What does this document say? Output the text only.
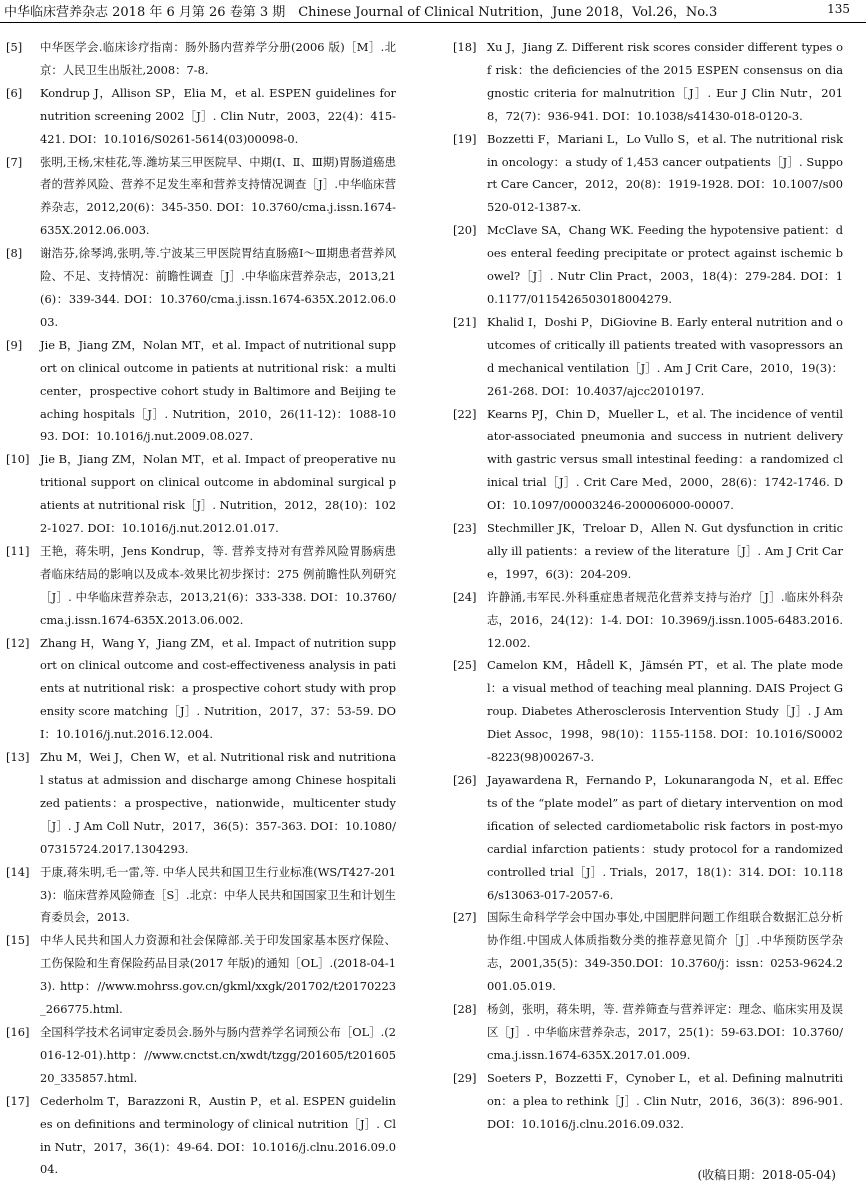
中华临床营养杂志 2018 年 6 月第 26 卷第 3 期　Chinese Journal of Clinical Nutrition，June 2018，Vol.26，No.3	135
[5]	中华医学会.临床诊疗指南：肠外肠内营养学分册(2006 版)［M］.北京：人民卫生出版社,2008：7-8.
[6]	Kondrup J，Allison SP，Elia M，et al. ESPEN guidelines for nutrition screening 2002［J］. Clin Nutr，2003，22(4)：415-421. DOI：10.1016/S0261-5614(03)00098-0.
[7]	张明,王杨,宋桂花,等.潍坊某三甲医院早、中期(Ⅰ、Ⅱ、Ⅲ期)胃肠道癌患者的营养风险、营养不足发生率和营养支持情况调查［J］.中华临床营养杂志，2012,20(6)：345-350. DOI：10.3760/cma.j.issn.1674-635X.2012.06.003.
[8]	谢浩芬,徐琴鸿,张明,等.宁波某三甲医院胃结直肠癌Ⅰ～Ⅲ期患者营养风险、不足、支持情况：前瞻性调查［J］.中华临床营养杂志，2013,21(6)：339-344. DOI：10.3760/cma.j.issn.1674-635X.2012.06.003.
[9]	Jie B，Jiang ZM，Nolan MT，et al. Impact of nutritional support on clinical outcome in patients at nutritional risk：a multicenter，prospective cohort study in Baltimore and Beijing teaching hospitals［J］. Nutrition，2010，26(11-12)：1088-1093. DOI：10.1016/j.nut.2009.08.027.
[10] Jie B，Jiang ZM，Nolan MT，et al. Impact of preoperative nutritional support on clinical outcome in abdominal surgical patients at nutritional risk［J］. Nutrition，2012，28(10)：1022-1027. DOI：10.1016/j.nut.2012.01.017.
[11] 王艳，蒋朱明，Jens Kondrup，等. 营养支持对有营养风险胃肠病患者临床结局的影响以及成本-效果比初步探讨：275 例前瞻性队列研究［J］. 中华临床营养杂志，2013,21(6)：333-338. DOI：10.3760/cma.j.issn.1674-635X.2013.06.002.
[12] Zhang H，Wang Y，Jiang ZM，et al. Impact of nutrition support on clinical outcome and cost-effectiveness analysis in patients at nutritional risk：a prospective cohort study with propensity score matching［J］. Nutrition，2017，37：53-59. DOI：10.1016/j.nut.2016.12.004.
[13] Zhu M，Wei J，Chen W，et al. Nutritional risk and nutritional status at admission and discharge among Chinese hospitalized patients：a prospective，nationwide，multicenter study［J］. J Am Coll Nutr，2017，36(5)：357-363. DOI：10.1080/07315724.2017.1304293.
[14] 于康,蒋朱明,毛一雷,等. 中华人民共和国卫生行业标准(WS/T427-2013)：临床营养风险筛查［S］.北京：中华人民共和国国家卫生和计划生育委员会，2013.
[15] 中华人民共和国人力资源和社会保障部.关于印发国家基本医疗保险、工伤保险和生育保险药品目录(2017 年版)的通知［OL］.(2018-04-13). http：//www.mohrss.gov.cn/gkml/xxgk/201702/t20170223_266775.html.
[16] 全国科学技术名词审定委员会.肠外与肠内营养学名词预公布［OL］.(2016-12-01).http：//www.cnctst.cn/xwdt/tzgg/201605/t20160520_335857.html.
[17] Cederholm T，Barazzoni R，Austin P，et al. ESPEN guidelines on definitions and terminology of clinical nutrition［J］. Clin Nutr，2017，36(1)：49-64. DOI：10.1016/j.clnu.2016.09.004.
[18] Xu J，Jiang Z. Different risk scores consider different types of risk：the deficiencies of the 2015 ESPEN consensus on diagnostic criteria for malnutrition［J］. Eur J Clin Nutr，2018，72(7)：936-941. DOI：10.1038/s41430-018-0120-3.
[19] Bozzetti F，Mariani L，Lo Vullo S，et al. The nutritional risk in oncology：a study of 1,453 cancer outpatients［J］. Support Care Cancer，2012，20(8)：1919-1928. DOI：10.1007/s00520-012-1387-x.
[20] McClave SA，Chang WK. Feeding the hypotensive patient：does enteral feeding precipitate or protect against ischemic bowel?［J］. Nutr Clin Pract，2003，18(4)：279-284. DOI：10.1177/0115426503018004279.
[21] Khalid I，Doshi P，DiGiovine B. Early enteral nutrition and outcomes of critically ill patients treated with vasopressors and mechanical ventilation［J］. Am J Crit Care，2010，19(3)：261-268. DOI：10.4037/ajcc2010197.
[22] Kearns PJ，Chin D，Mueller L，et al. The incidence of ventilator-associated pneumonia and success in nutrient delivery with gastric versus small intestinal feeding：a randomized clinical trial［J］. Crit Care Med，2000，28(6)：1742-1746. DOI：10.1097/00003246-200006000-00007.
[23] Stechmiller JK，Treloar D，Allen N. Gut dysfunction in critically ill patients：a review of the literature［J］. Am J Crit Care，1997，6(3)：204-209.
[24] 许静涌,韦军民.外科重症患者规范化营养支持与治疗［J］.临床外科杂志，2016，24(12)：1-4. DOI：10.3969/j.issn.1005-6483.2016.12.002.
[25] Camelon KM，Hådell K，Jämsén PT，et al. The plate model：a visual method of teaching meal planning. DAIS Project Group. Diabetes Atherosclerosis Intervention Study［J］. J Am Diet Assoc，1998，98(10)：1155-1158. DOI：10.1016/S0002-8223(98)00267-3.
[26] Jayawardena R，Fernando P，Lokunarangoda N，et al. Effects of the “plate model” as part of dietary intervention on modification of selected cardiometabolic risk factors in post-myocardial infarction patients：study protocol for a randomized controlled trial［J］. Trials，2017，18(1)：314. DOI：10.1186/s13063-017-2057-6.
[27] 国际生命科学学会中国办事处,中国肥胖问题工作组联合数据汇总分析协作组.中国成人体质指数分类的推荐意见简介［J］.中华预防医学杂志，2001,35(5)：349-350.DOI：10.3760/j：issn：0253-9624.2001.05.019.
[28] 杨剑，张明，蒋朱明，等. 营养筛查与营养评定：理念、临床实用及误区［J］. 中华临床营养杂志，2017，25(1)：59-63.DOI：10.3760/cma.j.issn.1674-635X.2017.01.009.
[29] Soeters P，Bozzetti F，Cynober L，et al. Defining malnutrition：a plea to rethink［J］. Clin Nutr，2016，36(3)：896-901. DOI：10.1016/j.clnu.2016.09.032.
(收稿日期：2018-05-04)
